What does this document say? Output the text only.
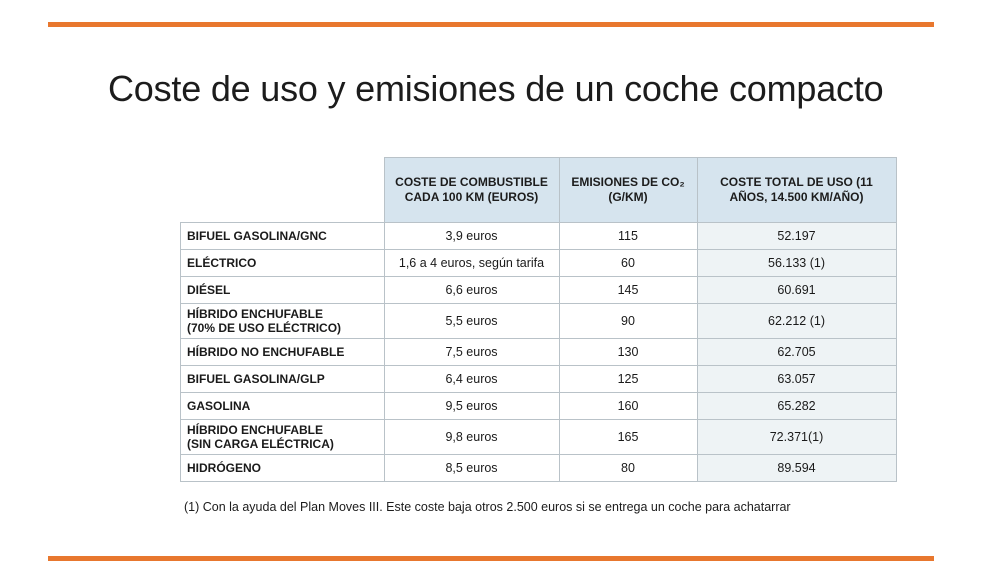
Coste de uso y emisiones de un coche compacto
	COSTE DE COMBUSTIBLE CADA 100 KM (EUROS)	EMISIONES DE CO₂ (G/KM)	COSTE TOTAL DE USO (11 AÑOS, 14.500 KM/AÑO)

BIFUEL GASOLINA/GNC	3,9 euros	115	52.197

ELÉCTRICO	1,6 a 4 euros, según tarifa	60	56.133 (1)

DIÉSEL	6,6 euros	145	60.691

HÍBRIDO ENCHUFABLE
(70% DE USO ELÉCTRICO)	5,5 euros	90	62.212 (1)

HÍBRIDO NO ENCHUFABLE	7,5 euros	130	62.705

BIFUEL GASOLINA/GLP	6,4 euros	125	63.057

GASOLINA	9,5 euros	160	65.282

HÍBRIDO ENCHUFABLE
(SIN CARGA ELÉCTRICA)	9,8 euros	165	72.371(1)

HIDRÓGENO	8,5 euros	80	89.594
(1) Con la ayuda del Plan Moves III. Este coste baja otros 2.500 euros si se entrega un coche para achatarrar
